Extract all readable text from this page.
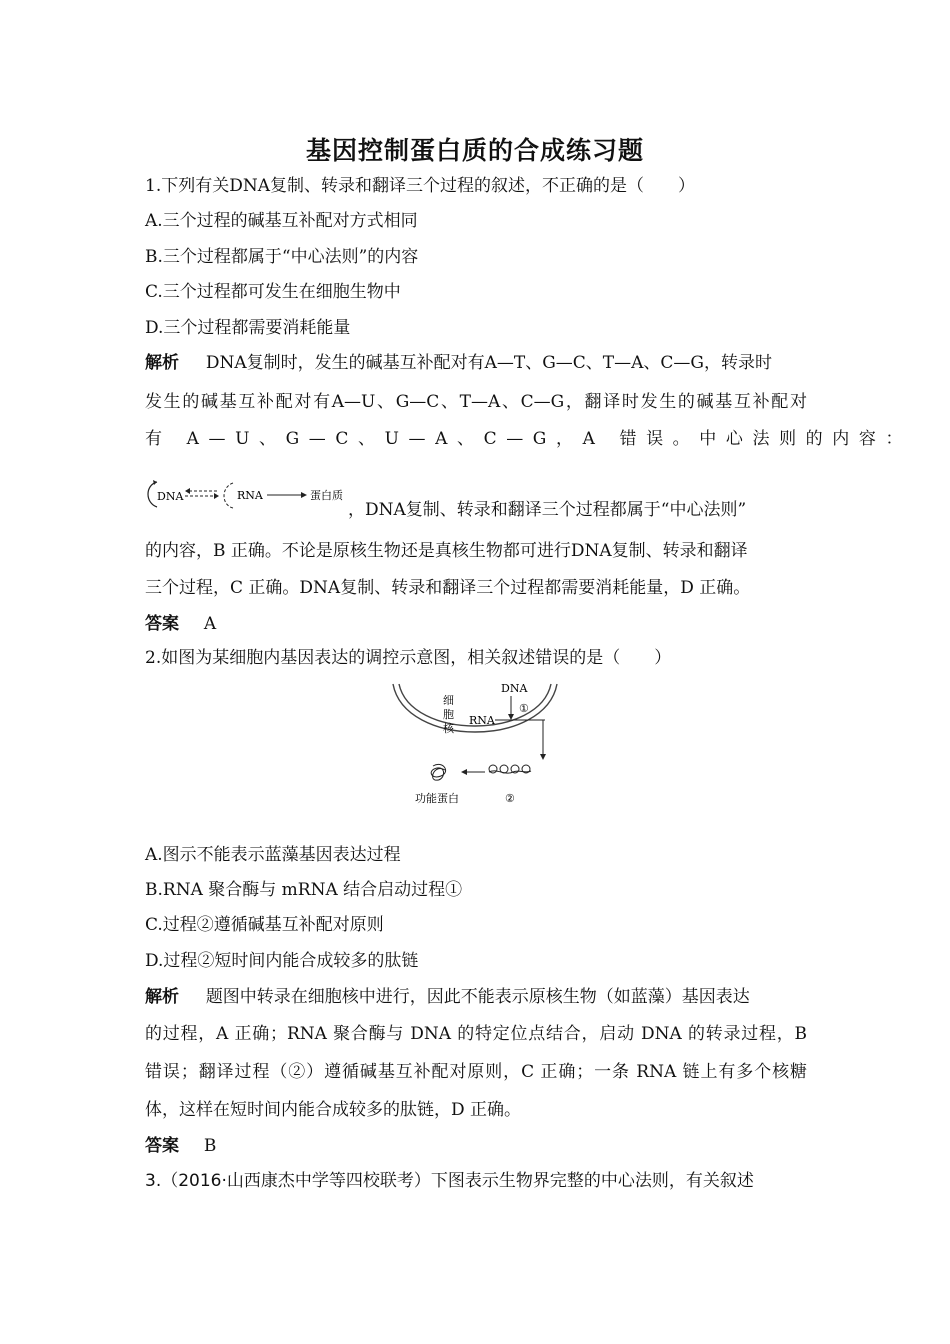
基因控制蛋白质的合成练习题
1.下列有关DNA复制、转录和翻译三个过程的叙述，不正确的是（　　）
A.三个过程的碱基互补配对方式相同
B.三个过程都属于“中心法则”的内容
C.三个过程都可发生在细胞生物中
D.三个过程都需要消耗能量
解析 DNA复制时，发生的碱基互补配对有A—T、G—C、T—A、C—G，转录时
发生的碱基互补配对有A—U、G—C、T—A、C—G，翻译时发生的碱基互补配对
有 A—U、G—C、U—A、C—G，A 错误。中心法则的内容：
DNA	RNA	蛋白质
，DNA复制、转录和翻译三个过程都属于“中心法则”
的内容，B 正确。不论是原核生物还是真核生物都可进行DNA复制、转录和翻译
三个过程，C 正确。DNA复制、转录和翻译三个过程都需要消耗能量，D 正确。
答案 A
2.如图为某细胞内基因表达的调控示意图，相关叙述错误的是（　　）
细
胞
核
DNA
①
RNA
②
功能蛋白
A.图示不能表示蓝藻基因表达过程
B.RNA 聚合酶与 mRNA 结合启动过程①
C.过程②遵循碱基互补配对原则
D.过程②短时间内能合成较多的肽链
解析 题图中转录在细胞核中进行，因此不能表示原核生物（如蓝藻）基因表达
的过程，A 正确；RNA 聚合酶与 DNA 的特定位点结合，启动 DNA 的转录过程，B
错误；翻译过程（②）遵循碱基互补配对原则，C 正确；一条 RNA 链上有多个核糖
体，这样在短时间内能合成较多的肽链，D 正确。
答案 B
3.（2016·山西康杰中学等四校联考）下图表示生物界完整的中心法则，有关叙述
